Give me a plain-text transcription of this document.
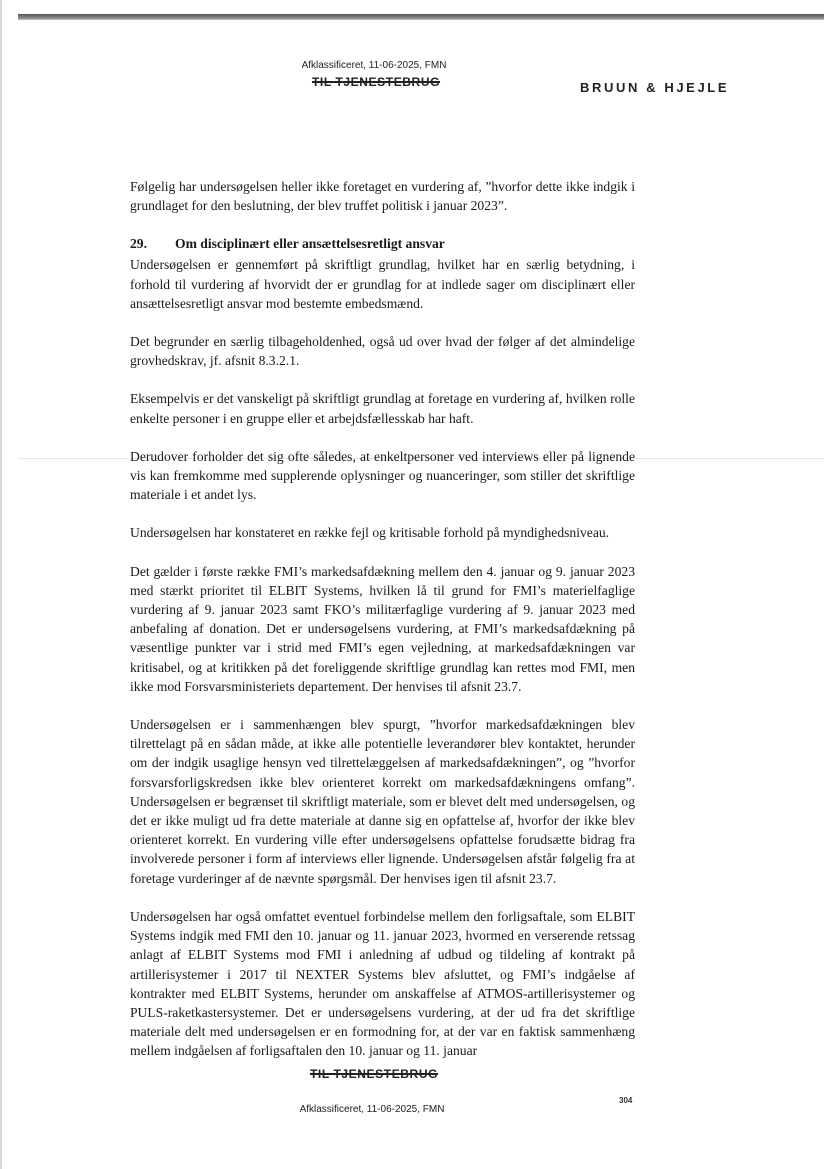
Afklassificeret, 11-06-2025, FMN
TIL TJENESTEBRUG	BRUUN & HJEJLE

Følgelig har undersøgelsen heller ikke foretaget en vurdering af, ”hvorfor dette ikke indgik i grundlaget for den beslutning, der blev truffet politisk i januar 2023”.

29. Om disciplinært eller ansættelsesretligt ansvar

Undersøgelsen er gennemført på skriftligt grundlag, hvilket har en særlig betydning, i forhold til vurdering af hvorvidt der er grundlag for at indlede sager om disciplinært eller ansættelsesretligt ansvar mod bestemte embedsmænd.

Det begrunder en særlig tilbageholdenhed, også ud over hvad der følger af det almindelige grovhedskrav, jf. afsnit 8.3.2.1.

Eksempelvis er det vanskeligt på skriftligt grundlag at foretage en vurdering af, hvilken rolle enkelte personer i en gruppe eller et arbejdsfællesskab har haft.

Derudover forholder det sig ofte således, at enkeltpersoner ved interviews eller på lignende vis kan fremkomme med supplerende oplysninger og nuanceringer, som stiller det skriftlige materiale i et andet lys.

Undersøgelsen har konstateret en række fejl og kritisable forhold på myndighedsniveau.

Det gælder i første række FMI’s markedsafdækning mellem den 4. januar og 9. januar 2023 med stærkt prioritet til ELBIT Systems, hvilken lå til grund for FMI’s materielfaglige vurdering af 9. januar 2023 samt FKO’s militærfaglige vurdering af 9. januar 2023 med anbefaling af donation. Det er undersøgelsens vurdering, at FMI’s markedsafdækning på væsentlige punkter var i strid med FMI’s egen vejledning, at markedsafdækningen var kritisabel, og at kritikken på det foreliggende skriftlige grundlag kan rettes mod FMI, men ikke mod Forsvarsministeriets departement. Der henvises til afsnit 23.7.

Undersøgelsen er i sammenhængen blev spurgt, ”hvorfor markedsafdækningen blev tilrettelagt på en sådan måde, at ikke alle potentielle leverandører blev kontaktet, herunder om der indgik usaglige hensyn ved tilrettelæggelsen af markedsafdækningen”, og ”hvorfor forsvarsforligskredsen ikke blev orienteret korrekt om markedsafdækningens omfang”. Undersøgelsen er begrænset til skriftligt materiale, som er blevet delt med undersøgelsen, og det er ikke muligt ud fra dette materiale at danne sig en opfattelse af, hvorfor der ikke blev orienteret korrekt. En vurdering ville efter undersøgelsens opfattelse forudsætte bidrag fra involverede personer i form af interviews eller lignende. Undersøgelsen afstår følgelig fra at foretage vurderinger af de nævnte spørgsmål. Der henvises igen til afsnit 23.7.

Undersøgelsen har også omfattet eventuel forbindelse mellem den forligsaftale, som ELBIT Systems indgik med FMI den 10. januar og 11. januar 2023, hvormed en verserende retssag anlagt af ELBIT Systems mod FMI i anledning af udbud og tildeling af kontrakt på artillerisystemer i 2017 til NEXTER Systems blev afsluttet, og FMI’s indgåelse af kontrakter med ELBIT Systems, herunder om anskaffelse af ATMOS-artillerisystemer og PULS-raketkastersystemer. Det er undersøgelsens vurdering, at der ud fra det skriftlige materiale delt med undersøgelsen er en formodning for, at der var en faktisk sammenhæng mellem indgåelsen af forligsaftalen den 10. januar og 11. januar

TIL TJENESTEBRUG
304
Afklassificeret, 11-06-2025, FMN
